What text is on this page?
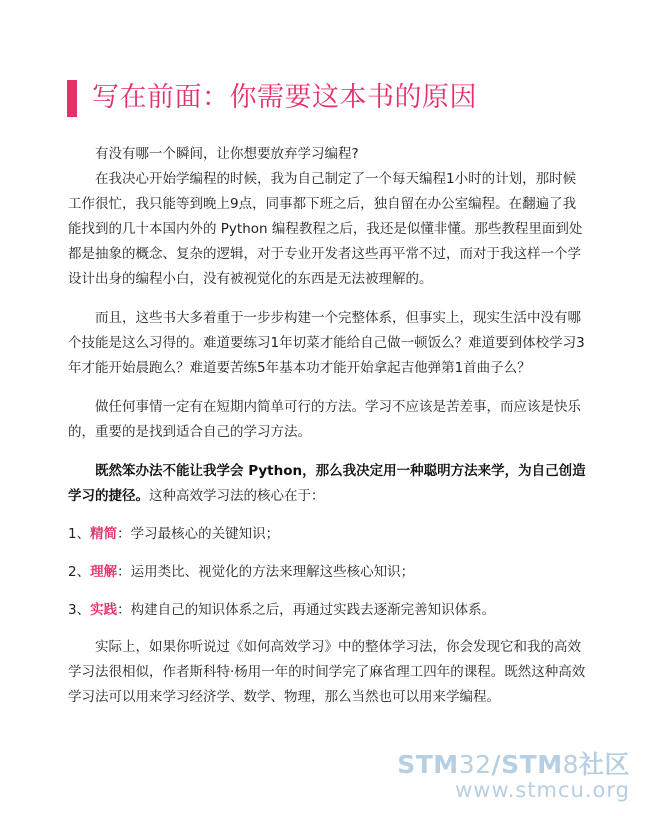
写在前面：你需要这本书的原因

有没有哪一个瞬间，让你想要放弃学习编程?

在我决心开始学编程的时候，我为自己制定了一个每天编程1小时的计划，那时候工作很忙，我只能等到晚上9点，同事都下班之后，独自留在办公室编程。在翻遍了我能找到的几十本国内外的 Python 编程教程之后，我还是似懂非懂。那些教程里面到处都是抽象的概念、复杂的逻辑，对于专业开发者这些再平常不过，而对于我这样一个学设计出身的编程小白，没有被视觉化的东西是无法被理解的。

而且，这些书大多着重于一步步构建一个完整体系，但事实上，现实生活中没有哪个技能是这么习得的。难道要练习1年切菜才能给自己做一顿饭么？难道要到体校学习3年才能开始晨跑么？难道要苦练5年基本功才能开始拿起吉他弹第1首曲子么？

做任何事情一定有在短期内简单可行的方法。学习不应该是苦差事，而应该是快乐的，重要的是找到适合自己的学习方法。

既然笨办法不能让我学会 Python，那么我决定用一种聪明方法来学，为自己创造学习的捷径。这种高效学习法的核心在于：

1、精简：学习最核心的关键知识；

2、理解：运用类比、视觉化的方法来理解这些核心知识；

3、实践：构建自己的知识体系之后，再通过实践去逐渐完善知识体系。

实际上，如果你听说过《如何高效学习》中的整体学习法，你会发现它和我的高效学习法很相似，作者斯科特·杨用一年的时间学完了麻省理工四年的课程。既然这种高效学习法可以用来学习经济学、数学、物理，那么当然也可以用来学编程。

STM32/STM8社区
www.stmcu.org
